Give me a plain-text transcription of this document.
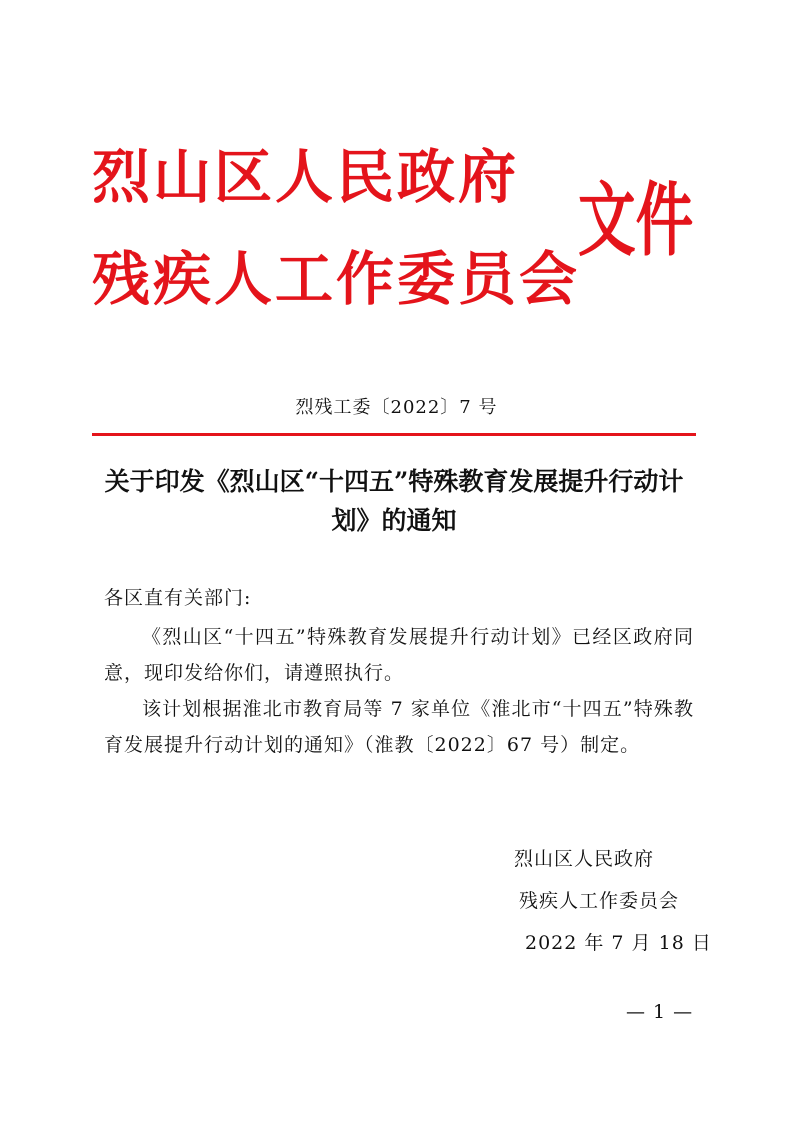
烈山区人民政府
残疾人工作委员会
文件
烈残工委〔2022〕7 号
关于印发《烈山区“十四五”特殊教育发展提升行动计划》的通知
各区直有关部门:
《烈山区“十四五”特殊教育发展提升行动计划》已经区政府同意，现印发给你们，请遵照执行。
该计划根据淮北市教育局等 7 家单位《淮北市“十四五”特殊教育发展提升行动计划的通知》（淮教〔2022〕67 号）制定。
烈山区人民政府
残疾人工作委员会
2022 年 7 月 18 日
— 1 —
